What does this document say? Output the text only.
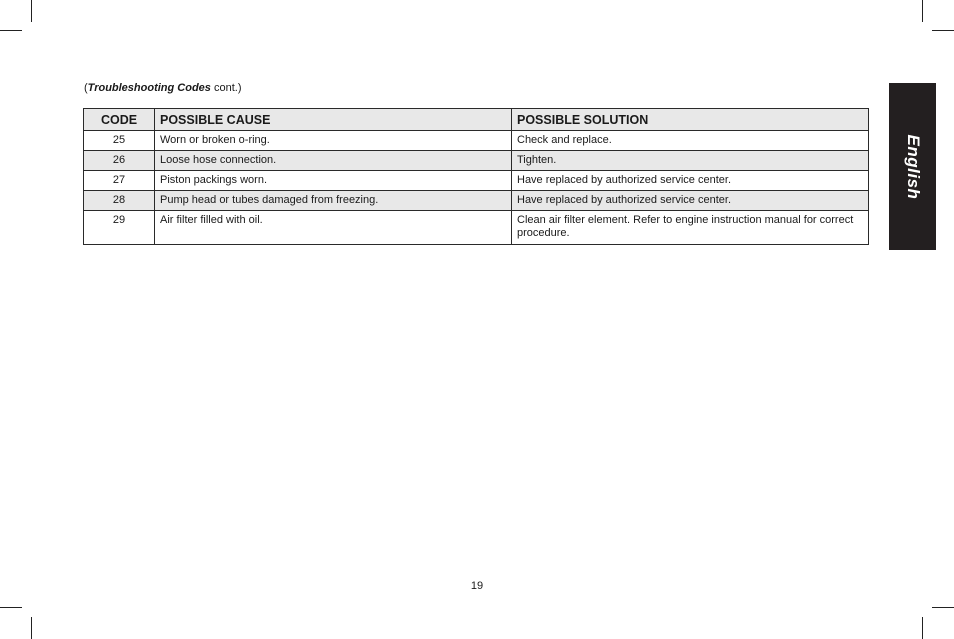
(Troubleshooting Codes cont.)
CODE	POSSIBLE CAUSE	POSSIBLE SOLUTION
25	Worn or broken o-ring.	Check and replace.
26	Loose hose connection.	Tighten.
27	Piston packings worn.	Have replaced by authorized service center.
28	Pump head or tubes damaged from freezing.	Have replaced by authorized service center.
29	Air filter filled with oil.	Clean air filter element. Refer to engine instruction manual for correct procedure.
English
19
